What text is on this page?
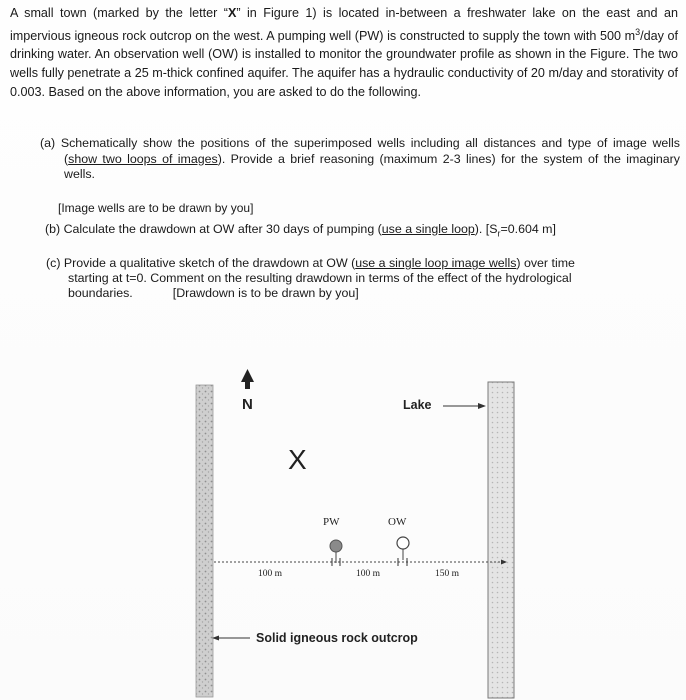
A small town (marked by the letter “X” in Figure 1) is located in-between a freshwater lake on the east and an impervious igneous rock outcrop on the west. A pumping well (PW) is constructed to supply the town with 500 $m^3$/day of drinking water. An observation well (OW) is installed to monitor the groundwater profile as shown in the Figure. The two wells fully penetrate a 25 m-thick confined aquifer. The aquifer has a hydraulic conductivity of 20 m/day and storativity of 0.003. Based on the above information, you are asked to do the following.
(a) Schematically show the positions of the superimposed wells including all distances and type of image wells (show two loops of images). Provide a brief reasoning (maximum 2-3 lines) for the system of the imaginary wells.
[Image wells are to be drawn by you]
(b) Calculate the drawdown at OW after 30 days of pumping (use a single loop). [$S_r=0.604$ m]
(c) Provide a qualitative sketch of the drawdown at OW (use a single loop image wells) over time
starting at t=0. Comment on the resulting drawdown in terms of the effect of the hydrological
boundaries.	[Drawdown is to be drawn by you]
N
X
Lake
PW	OW
100 m	100 m	150 m
Solid igneous rock outcrop
